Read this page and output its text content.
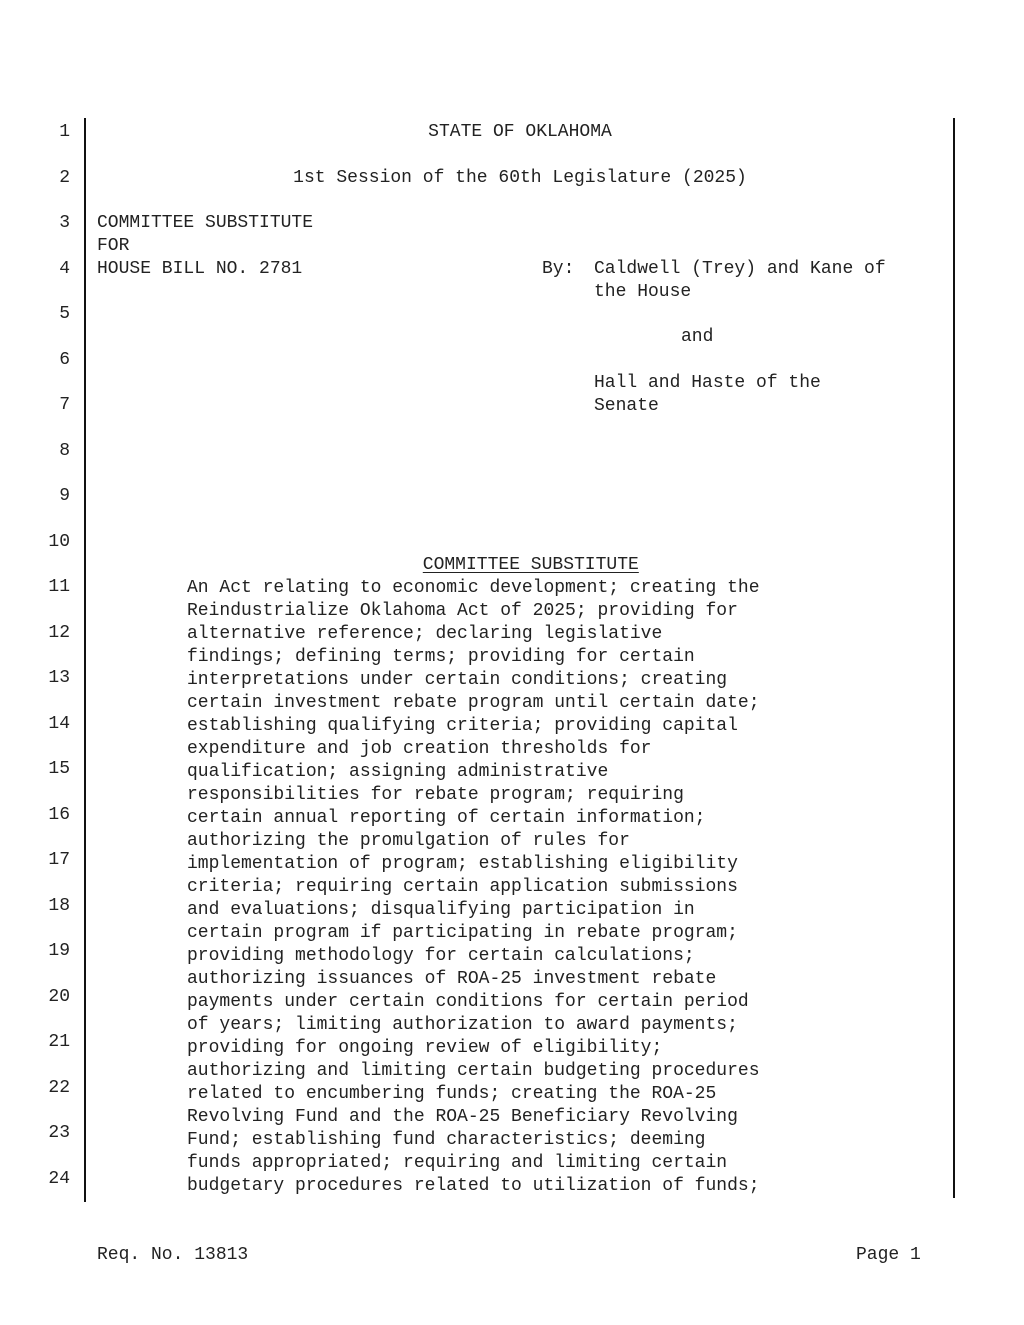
1
2
3
4
5
6
7
8
9
10
11
12
13
14
15
16
17
18
19
20
21
22
23
24
STATE OF OKLAHOMA
1st Session of the 60th Legislature (2025)
COMMITTEE SUBSTITUTE
FOR
HOUSE BILL NO. 2781	By: Caldwell (Trey) and Kane of
the House
and
Hall and Haste of the
Senate

COMMITTEE SUBSTITUTE

An Act relating to economic development; creating the
Reindustrialize Oklahoma Act of 2025; providing for
alternative reference; declaring legislative
findings; defining terms; providing for certain
interpretations under certain conditions; creating
certain investment rebate program until certain date;
establishing qualifying criteria; providing capital
expenditure and job creation thresholds for
qualification; assigning administrative
responsibilities for rebate program; requiring
certain annual reporting of certain information;
authorizing the promulgation of rules for
implementation of program; establishing eligibility
criteria; requiring certain application submissions
and evaluations; disqualifying participation in
certain program if participating in rebate program;
providing methodology for certain calculations;
authorizing issuances of ROA-25 investment rebate
payments under certain conditions for certain period
of years; limiting authorization to award payments;
providing for ongoing review of eligibility;
authorizing and limiting certain budgeting procedures
related to encumbering funds; creating the ROA-25
Revolving Fund and the ROA-25 Beneficiary Revolving
Fund; establishing fund characteristics; deeming
funds appropriated; requiring and limiting certain
budgetary procedures related to utilization of funds;
Req. No. 13813	Page 1
